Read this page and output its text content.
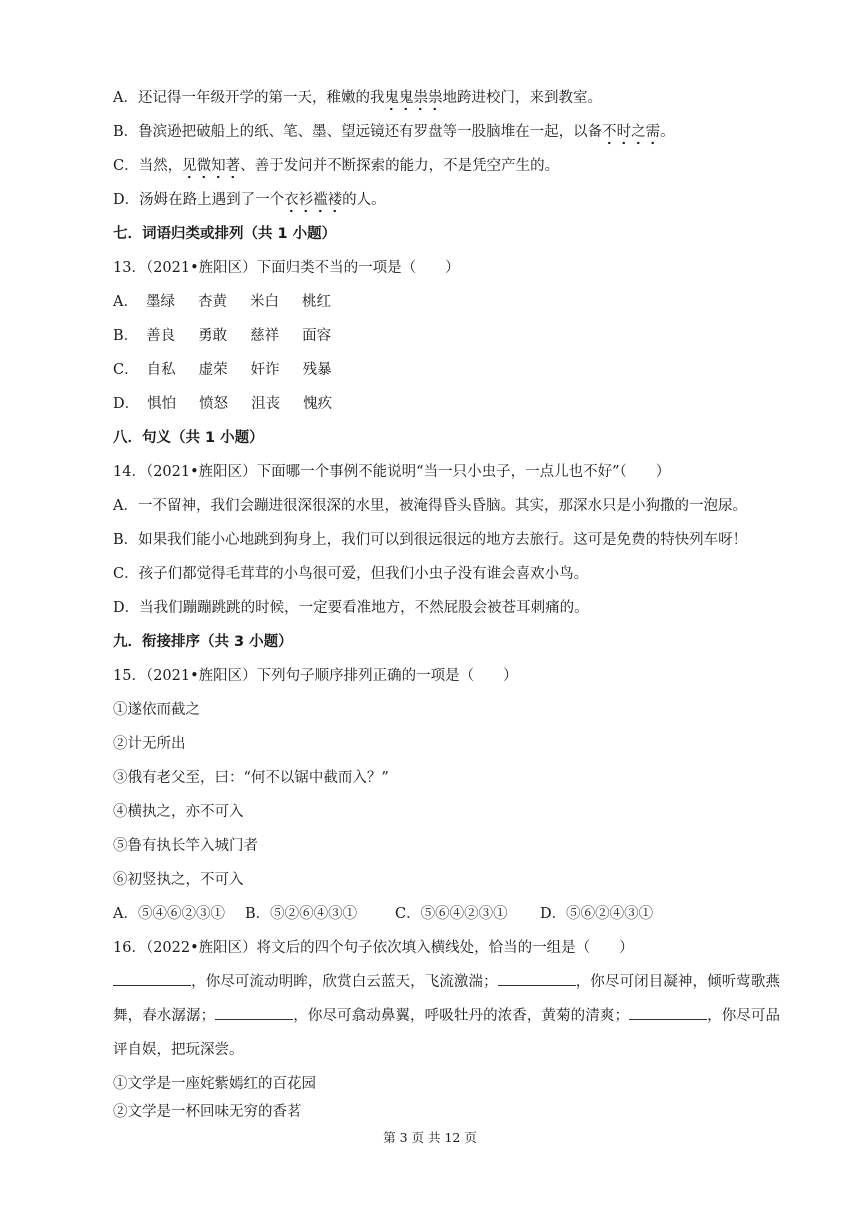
A．还记得一年级开学的第一天，稚嫩的我鬼鬼祟祟地跨进校门，来到教室。
B．鲁滨逊把破船上的纸、笔、墨、望远镜还有罗盘等一股脑堆在一起，以备不时之需。
C．当然，见微知著、善于发问并不断探索的能力，不是凭空产生的。
D．汤姆在路上遇到了一个衣衫褴褛的人。
七．词语归类或排列（共 1 小题）
13．（2021•旌阳区）下面归类不当的一项是（　　）
A． 墨绿 杏黄 米白 桃红
B． 善良 勇敢 慈祥 面容
C． 自私 虚荣 奸诈 残暴
D． 惧怕 愤怒 沮丧 愧疚
八．句义（共 1 小题）
14．（2021•旌阳区）下面哪一个事例不能说明“当一只小虫子，一点儿也不好”（　　）
A．一不留神，我们会蹦进很深很深的水里，被淹得昏头昏脑。其实，那深水只是小狗撒的一泡尿。
B．如果我们能小心地跳到狗身上，我们可以到很远很远的地方去旅行。这可是免费的特快列车呀！
C．孩子们都觉得毛茸茸的小鸟很可爱，但我们小虫子没有谁会喜欢小鸟。
D．当我们蹦蹦跳跳的时候，一定要看准地方，不然屁股会被苍耳刺痛的。
九．衔接排序（共 3 小题）
15．（2021•旌阳区）下列句子顺序排列正确的一项是（　　）
①遂依而截之
②计无所出
③俄有老父至，曰：“何不以锯中截而入？”
④横执之，亦不可入
⑤鲁有执长竿入城门者
⑥初竖执之，不可入
A．⑤④⑥②③① B．⑤②⑥④③①	C．⑤⑥④②③① D．⑤⑥②④③①
16．（2022•旌阳区）将文后的四个句子依次填入横线处，恰当的一组是（　　）
，你尽可流动明眸，欣赏白云蓝天，飞流激湍；	，你尽可闭目凝神，倾听莺歌燕舞，春水潺潺；	，你尽可翕动鼻翼，呼吸牡丹的浓香，黄菊的清爽；	，你尽可品评自娱，把玩深尝。
①文学是一座姹紫嫣红的百花园
②文学是一杯回味无穷的香茗
第 3 页 共 12 页
